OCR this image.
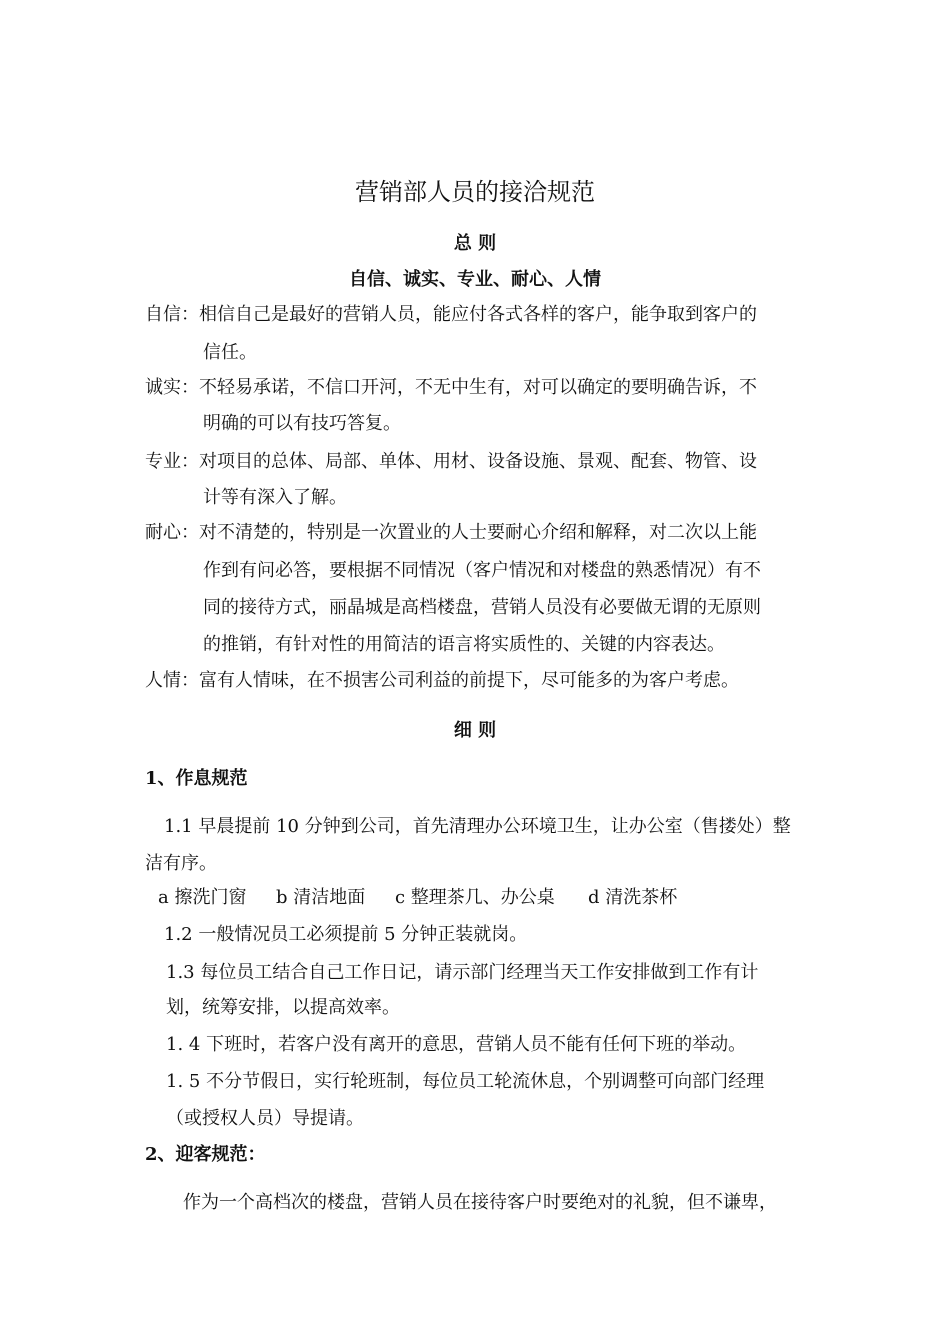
营销部人员的接洽规范
总 则
自信、诚实、专业、耐心、人情
自信：相信自己是最好的营销人员，能应付各式各样的客户，能争取到客户的
信任。
诚实：不轻易承诺，不信口开河，不无中生有，对可以确定的要明确告诉，不
明确的可以有技巧答复。
专业：对项目的总体、局部、单体、用材、设备设施、景观、配套、物管、设
计等有深入了解。
耐心：对不清楚的，特别是一次置业的人士要耐心介绍和解释，对二次以上能
作到有问必答，要根据不同情况（客户情况和对楼盘的熟悉情况）有不
同的接待方式，丽晶城是高档楼盘，营销人员没有必要做无谓的无原则
的推销，有针对性的用简洁的语言将实质性的、关键的内容表达。
人情：富有人情味，在不损害公司利益的前提下，尽可能多的为客户考虑。
细 则
1、作息规范
1.1 早晨提前 10 分钟到公司，首先清理办公环境卫生，让办公室（售搂处）整
洁有序。
a 擦洗门窗 b 清洁地面 c 整理茶几、办公桌 d 清洗茶杯
1.2 一般情况员工必须提前 5 分钟正装就岗。
1.3 每位员工结合自己工作日记，请示部门经理当天工作安排做到工作有计
划，统筹安排，以提高效率。
1. 4 下班时，若客户没有离开的意思，营销人员不能有任何下班的举动。
1. 5 不分节假日，实行轮班制，每位员工轮流休息，个别调整可向部门经理
（或授权人员）导提请。
2、迎客规范：
作为一个高档次的楼盘，营销人员在接待客户时要绝对的礼貌，但不谦卑，
